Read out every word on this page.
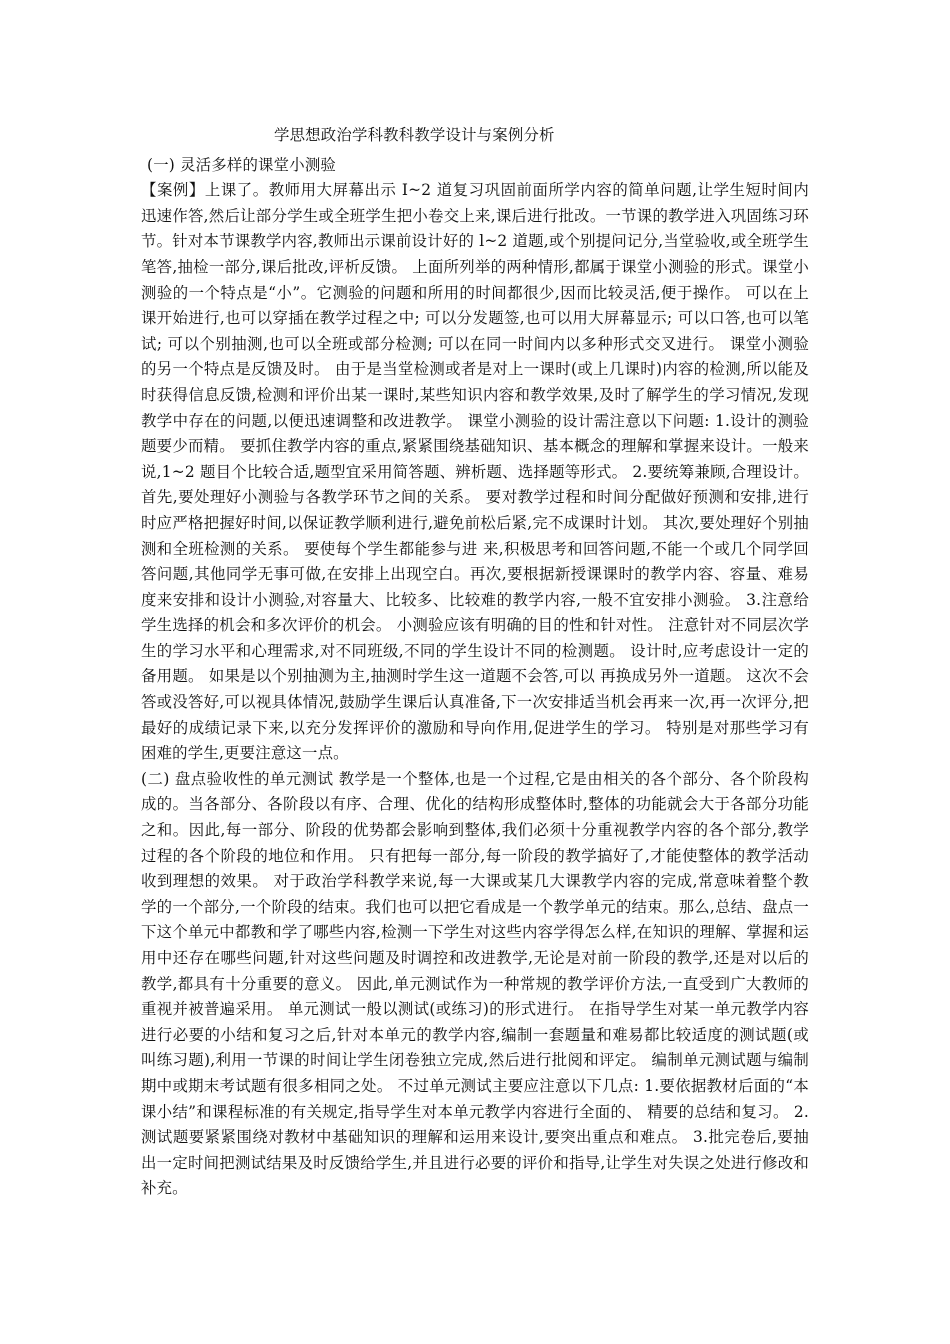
学思想政治学科教科教学设计与案例分析

(一) 灵活多样的课堂小测验

【案例】上课了。教师用大屏幕出示 I~2 道复习巩固前面所学内容的简单问题,让学生短时间内迅速作答,然后让部分学生或全班学生把小卷交上来,课后进行批改。一节课的教学进入巩固练习环节。针对本节课教学内容,教师出示课前设计好的 l~2 道题,或个别提问记分,当堂验收,或全班学生笔答,抽检一部分,课后批改,评析反馈。 上面所列举的两种情形,都属于课堂小测验的形式。课堂小测验的一个特点是“小”。它测验的问题和所用的时间都很少,因而比较灵活,便于操作。 可以在上课开始进行,也可以穿插在教学过程之中; 可以分发题签,也可以用大屏幕显示; 可以口答,也可以笔试; 可以个别抽测,也可以全班或部分检测; 可以在同一时间内以多种形式交叉进行。 课堂小测验的另一个特点是反馈及时。 由于是当堂检测或者是对上一课时(或上几课时)内容的检测,所以能及时获得信息反馈,检测和评价出某一课时,某些知识内容和教学效果,及时了解学生的学习情况,发现教学中存在的问题,以便迅速调整和改进教学。 课堂小测验的设计需注意以下问题: 1.设计的测验题要少而精。 要抓住教学内容的重点,紧紧围绕基础知识、基本概念的理解和掌握来设计。一般来说,1~2 题目个比较合适,题型宜采用简答题、辨析题、选择题等形式。 2.要统筹兼顾,合理设计。首先,要处理好小测验与各教学环节之间的关系。 要对教学过程和时间分配做好预测和安排,进行时应严格把握好时间,以保证教学顺利进行,避免前松后紧,完不成课时计划。 其次,要处理好个别抽测和全班检测的关系。 要使每个学生都能参与进 来,积极思考和回答问题,不能一个或几个同学回答问题,其他同学无事可做,在安排上出现空白。再次,要根据新授课课时的教学内容、容量、难易度来安排和设计小测验,对容量大、比较多、比较难的教学内容,一般不宜安排小测验。 3.注意给学生选择的机会和多次评价的机会。 小测验应该有明确的目的性和针对性。 注意针对不同层次学生的学习水平和心理需求,对不同班级,不同的学生设计不同的检测题。 设计时,应考虑设计一定的备用题。 如果是以个别抽测为主,抽测时学生这一道题不会答,可以 再换成另外一道题。 这次不会答或没答好,可以视具体情况,鼓励学生课后认真准备,下一次安排适当机会再来一次,再一次评分,把最好的成绩记录下来,以充分发挥评价的激励和导向作用,促进学生的学习。 特别是对那些学习有困难的学生,更要注意这一点。

(二) 盘点验收性的单元测试 教学是一个整体,也是一个过程,它是由相关的各个部分、各个阶段构成的。当各部分、各阶段以有序、合理、优化的结构形成整体时,整体的功能就会大于各部分功能之和。因此,每一部分、阶段的优势都会影响到整体,我们必须十分重视教学内容的各个部分,教学过程的各个阶段的地位和作用。 只有把每一部分,每一阶段的教学搞好了,才能使整体的教学活动收到理想的效果。 对于政治学科教学来说,每一大课或某几大课教学内容的完成,常意味着整个教学的一个部分,一个阶段的结束。我们也可以把它看成是一个教学单元的结束。那么,总结、盘点一下这个单元中都教和学了哪些内容,检测一下学生对这些内容学得怎么样,在知识的理解、掌握和运用中还存在哪些问题,针对这些问题及时调控和改进教学,无论是对前一阶段的教学,还是对以后的教学,都具有十分重要的意义。 因此,单元测试作为一种常规的教学评价方法,一直受到广大教师的重视并被普遍采用。 单元测试一般以测试(或练习)的形式进行。 在指导学生对某一单元教学内容进行必要的小结和复习之后,针对本单元的教学内容,编制一套题量和难易都比较适度的测试题(或叫练习题),利用一节课的时间让学生闭卷独立完成,然后进行批阅和评定。 编制单元测试题与编制期中或期末考试题有很多相同之处。 不过单元测试主要应注意以下几点: 1.要依据教材后面的“本课小结”和课程标准的有关规定,指导学生对本单元教学内容进行全面的、 精要的总结和复习。 2.测试题要紧紧围绕对教材中基础知识的理解和运用来设计,要突出重点和难点。 3.批完卷后,要抽出一定时间把测试结果及时反馈给学生,并且进行必要的评价和指导,让学生对失误之处进行修改和补充。
